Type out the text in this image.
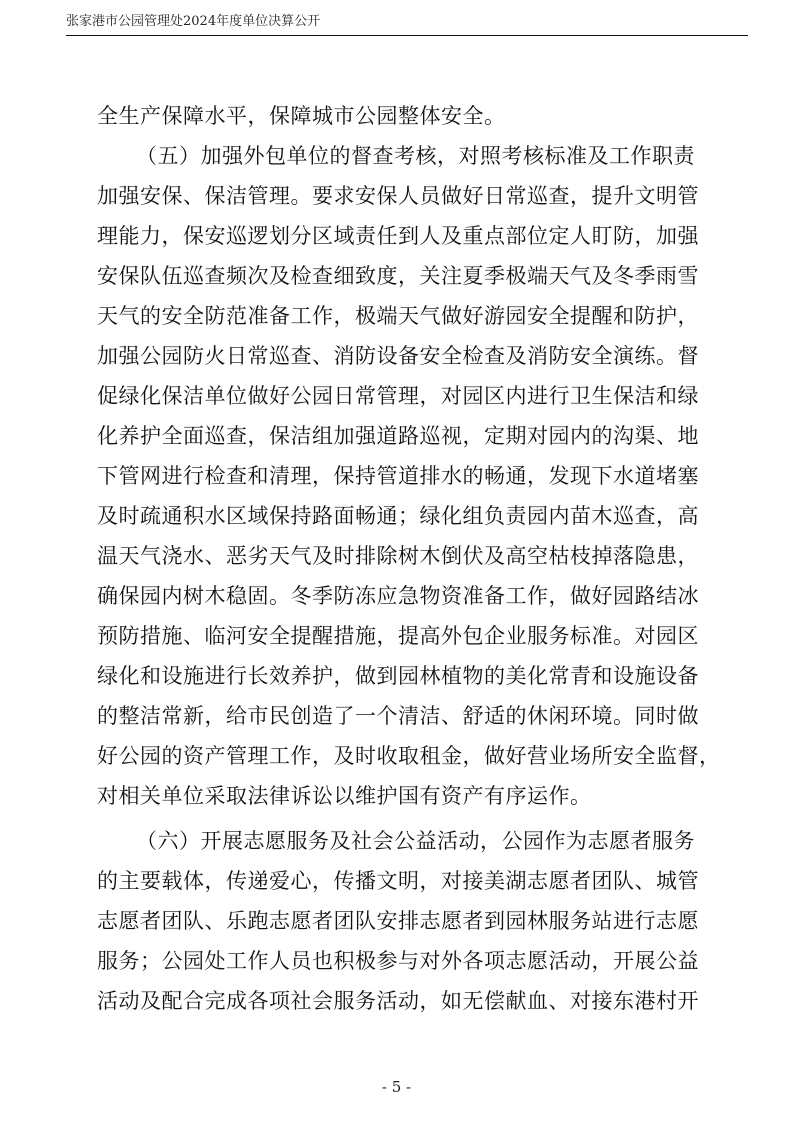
张家港市公园管理处2024年度单位决算公开
全生产保障水平，保障城市公园整体安全。
（五）加强外包单位的督查考核，对照考核标准及工作职责
加强安保、保洁管理。要求安保人员做好日常巡查，提升文明管
理能力，保安巡逻划分区域责任到人及重点部位定人盯防，加强
安保队伍巡查频次及检查细致度，关注夏季极端天气及冬季雨雪
天气的安全防范准备工作，极端天气做好游园安全提醒和防护，
加强公园防火日常巡查、消防设备安全检查及消防安全演练。督
促绿化保洁单位做好公园日常管理，对园区内进行卫生保洁和绿
化养护全面巡查，保洁组加强道路巡视，定期对园内的沟渠、地
下管网进行检查和清理，保持管道排水的畅通，发现下水道堵塞
及时疏通积水区域保持路面畅通；绿化组负责园内苗木巡查，高
温天气浇水、恶劣天气及时排除树木倒伏及高空枯枝掉落隐患，
确保园内树木稳固。冬季防冻应急物资准备工作，做好园路结冰
预防措施、临河安全提醒措施，提高外包企业服务标准。对园区
绿化和设施进行长效养护，做到园林植物的美化常青和设施设备
的整洁常新，给市民创造了一个清洁、舒适的休闲环境。同时做
好公园的资产管理工作，及时收取租金，做好营业场所安全监督，
对相关单位采取法律诉讼以维护国有资产有序运作。
（六）开展志愿服务及社会公益活动，公园作为志愿者服务
的主要载体，传递爱心，传播文明，对接美湖志愿者团队、城管
志愿者团队、乐跑志愿者团队安排志愿者到园林服务站进行志愿
服务；公园处工作人员也积极参与对外各项志愿活动，开展公益
活动及配合完成各项社会服务活动，如无偿献血、对接东港村开
- 5 -
